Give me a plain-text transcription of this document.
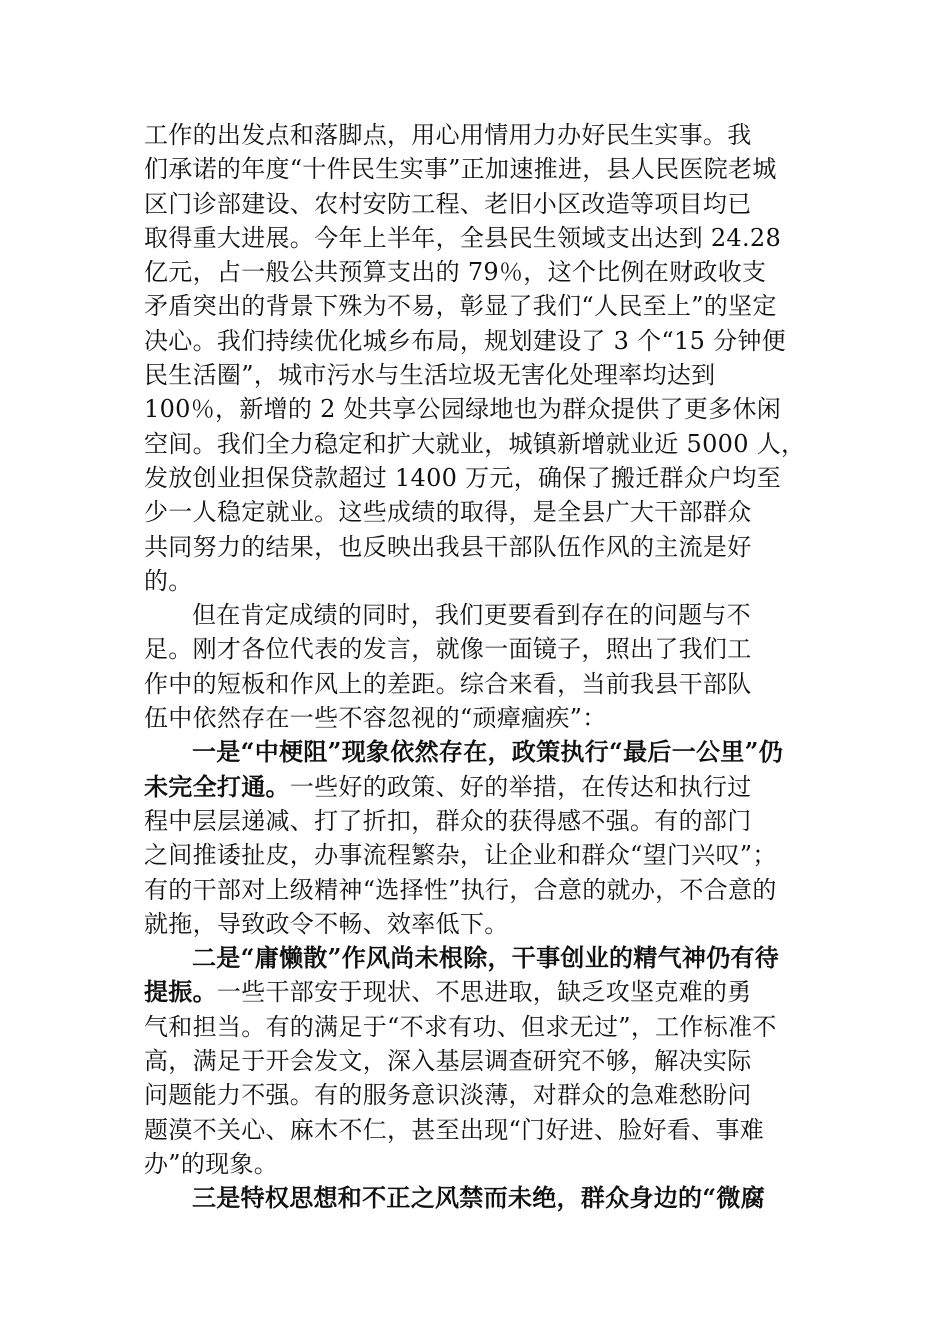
工作的出发点和落脚点，用心用情用力办好民生实事。我
们承诺的年度“十件民生实事”正加速推进，县人民医院老城
区门诊部建设、农村安防工程、老旧小区改造等项目均已
取得重大进展。今年上半年，全县民生领域支出达到 24.28
亿元，占一般公共预算支出的 79％，这个比例在财政收支
矛盾突出的背景下殊为不易，彰显了我们“人民至上”的坚定
决心。我们持续优化城乡布局，规划建设了 3 个“15 分钟便
民生活圈”，城市污水与生活垃圾无害化处理率均达到
100％，新增的 2 处共享公园绿地也为群众提供了更多休闲
空间。我们全力稳定和扩大就业，城镇新增就业近 5000 人，
发放创业担保贷款超过 1400 万元，确保了搬迁群众户均至
少一人稳定就业。这些成绩的取得，是全县广大干部群众
共同努力的结果，也反映出我县干部队伍作风的主流是好
的。
但在肯定成绩的同时，我们更要看到存在的问题与不
足。刚才各位代表的发言，就像一面镜子，照出了我们工
作中的短板和作风上的差距。综合来看，当前我县干部队
伍中依然存在一些不容忽视的“顽瘴痼疾”：
一是“中梗阻”现象依然存在，政策执行“最后一公里”仍
未完全打通。一些好的政策、好的举措，在传达和执行过
程中层层递减、打了折扣，群众的获得感不强。有的部门
之间推诿扯皮，办事流程繁杂，让企业和群众“望门兴叹”；
有的干部对上级精神“选择性”执行，合意的就办，不合意的
就拖，导致政令不畅、效率低下。
二是“庸懒散”作风尚未根除，干事创业的精气神仍有待
提振。一些干部安于现状、不思进取，缺乏攻坚克难的勇
气和担当。有的满足于“不求有功、但求无过”，工作标准不
高，满足于开会发文，深入基层调查研究不够，解决实际
问题能力不强。有的服务意识淡薄，对群众的急难愁盼问
题漠不关心、麻木不仁，甚至出现“门好进、脸好看、事难
办”的现象。
三是特权思想和不正之风禁而未绝，群众身边的“微腐
